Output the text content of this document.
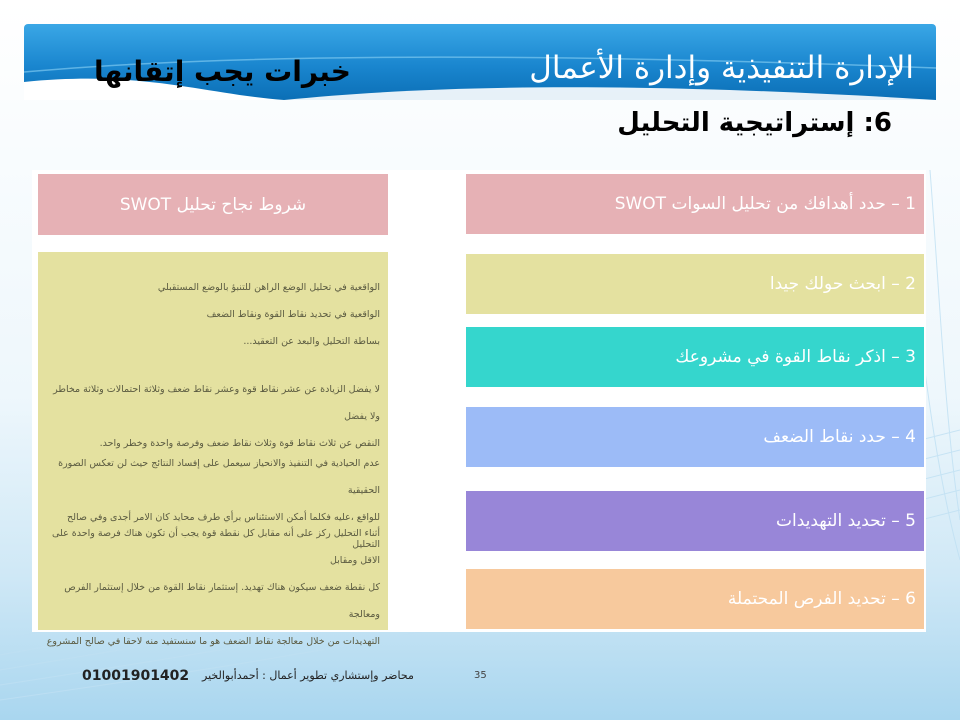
الإدارة التنفيذية وإدارة الأعمال
خبرات يجب إتقانها
6: إستراتيجية التحليل
شروط نجاح تحليل SWOT
الواقعية في تحليل الوضع الراهن للتنبؤ بالوضع المستقبلي
الواقعية في تحديد نقاط القوة ونقاط الضعف
بساطة التحليل والبعد عن التعقيد...
لا يفضل الزيادة عن عشر نقاط قوة وعشر نقاط ضعف وثلاثة احتمالات وثلاثة مخاطر ولا يفضل
النقص عن ثلاث نقاط قوة وثلاث نقاط ضعف وفرصة واحدة وخطر واحد.
عدم الحيادية في التنفيذ والانحياز سيعمل على إفساد النتائج حيث لن تعكس الصورة الحقيقية
للواقع ،عليه فكلما أمكن الاستئناس برأي طرف محايد كان الامر أجدى وفي صالح التحليل
أثناء التحليل ركز على أنه مقابل كل نقطة قوة يجب أن تكون هناك فرصة واحدة على الاقل ومقابل
كل نقطة ضعف سيكون هناك تهديد. إستثمار نقاط القوة من خلال إستثمار الفرص ومعالجة
التهديدات من خلال معالجة نقاط الضعف هو ما سنستفيد منه لاحقا في صالح المشروع
1 – حدد أهدافك من تحليل السوات SWOT
2 – ابحث حولك جيدا
3 – اذكر نقاط القوة في مشروعك
4 – حدد نقاط الضعف
5 – تحديد التهديدات
6 – تحديد الفرص المحتملة
01001901402 محاضر وإستشاري تطوير أعمال : أحمدأبوالخير	35
